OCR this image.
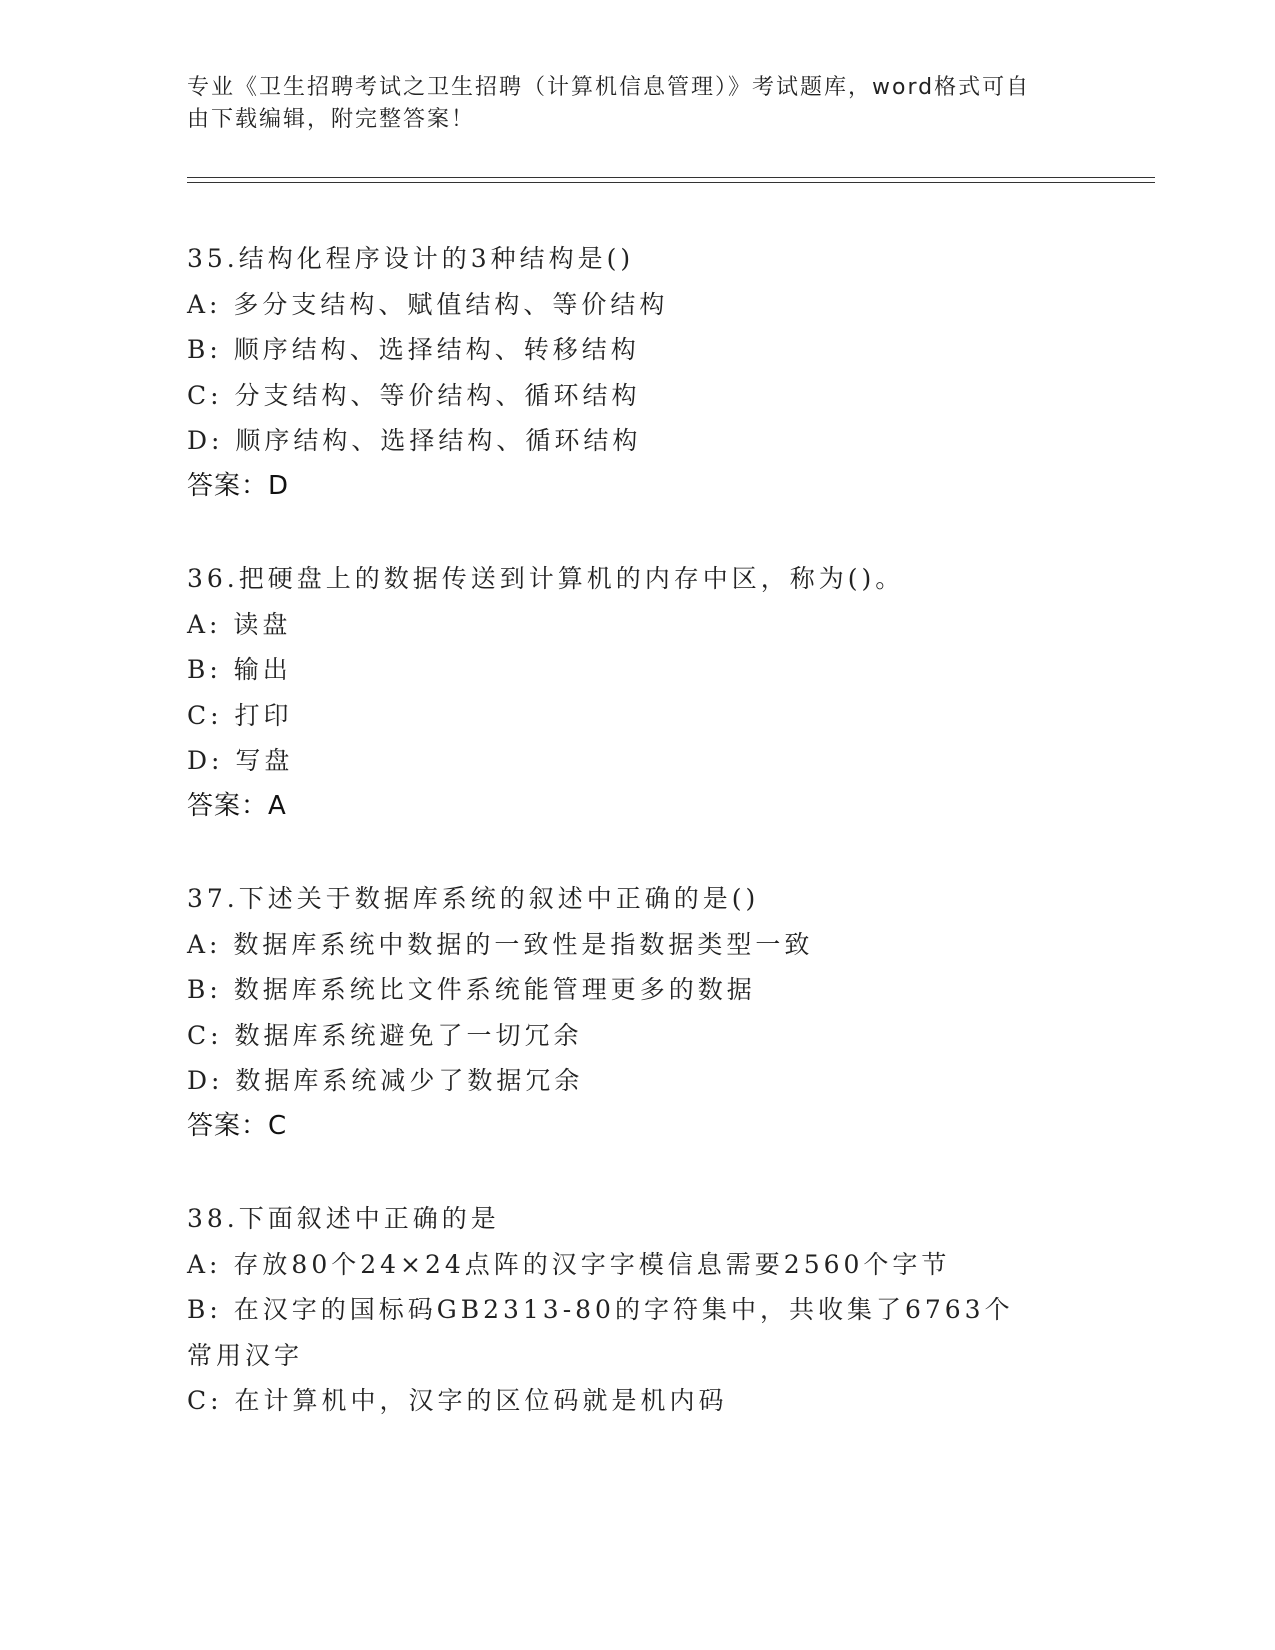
专业《卫生招聘考试之卫生招聘（计算机信息管理）》考试题库，word格式可自
由下载编辑，附完整答案！
35.结构化程序设计的3种结构是()
A: 多分支结构、赋值结构、等价结构
B: 顺序结构、选择结构、转移结构
C: 分支结构、等价结构、循环结构
D: 顺序结构、选择结构、循环结构
答案：D
36.把硬盘上的数据传送到计算机的内存中区，称为()。
A: 读盘
B: 输出
C: 打印
D: 写盘
答案：A
37.下述关于数据库系统的叙述中正确的是()
A: 数据库系统中数据的一致性是指数据类型一致
B: 数据库系统比文件系统能管理更多的数据
C: 数据库系统避免了一切冗余
D: 数据库系统减少了数据冗余
答案：C
38.下面叙述中正确的是
A: 存放80个24×24点阵的汉字字模信息需要2560个字节
B: 在汉字的国标码GB2313-80的字符集中，共收集了6763个常用汉字
C: 在计算机中，汉字的区位码就是机内码
